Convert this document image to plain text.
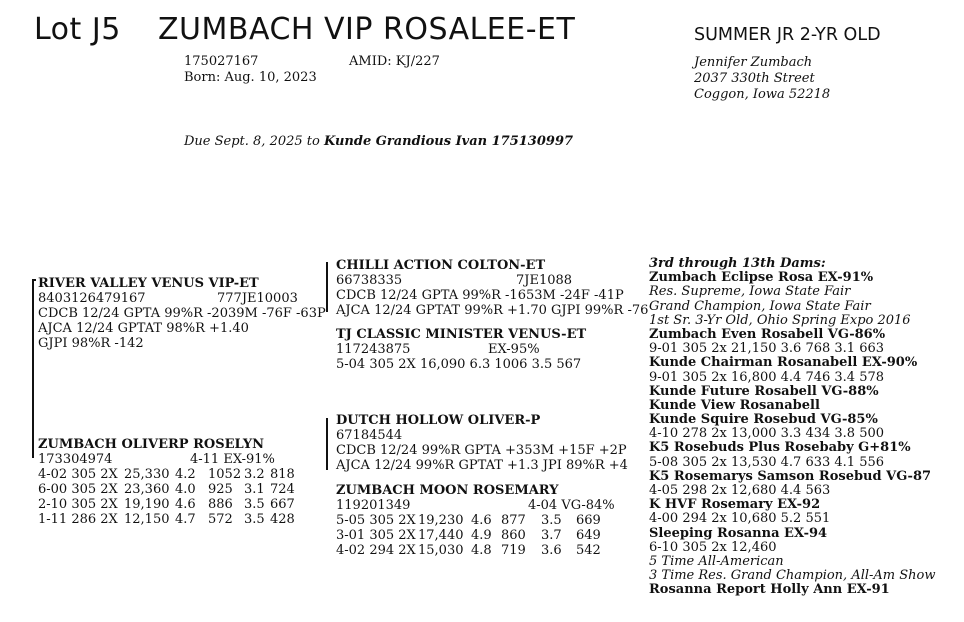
Lot J5 ZUMBACH VIP ROSALEE-ET	SUMMER JR 2-YR OLD
175027167	AMID: KJ/227
Born: Aug. 10, 2023
Jennifer Zumbach
2037 330th Street
Coggon, Iowa 52218
Due Sept. 8, 2025 to Kunde Grandious Ivan 175130997
RIVER VALLEY VENUS VIP-ET
8403126479167	777JE10003
CDCB 12/24 GPTA 99%R -2039M -76F -63P
AJCA 12/24 GPTAT 98%R +1.40
GJPI 98%R -142
CHILLI ACTION COLTON-ET
66738335	7JE1088
CDCB 12/24 GPTA 99%R -1653M -24F -41P
AJCA 12/24 GPTAT 99%R +1.70 GJPI 99%R -76
TJ CLASSIC MINISTER VENUS-ET
117243875	EX-95%
5-04 305 2X 16,090 6.3 1006 3.5 567
ZUMBACH OLIVERP ROSELYN
173304974	4-11 EX-91%
4-02 305 2X 25,330 4.2 1052 3.2 818
6-00 305 2X 23,360 4.0 925 3.1 724
2-10 305 2X 19,190 4.6 886 3.5 667
1-11 286 2X 12,150 4.7 572 3.5 428
DUTCH HOLLOW OLIVER-P
67184544
CDCB 12/24 99%R GPTA +353M +15F +2P
AJCA 12/24 99%R GPTAT +1.3 JPI 89%R +4
ZUMBACH MOON ROSEMARY
119201349	4-04 VG-84%
5-05 305 2X 19,230 4.6 877 3.5 669
3-01 305 2X 17,440 4.9 860 3.7 649
4-02 294 2X 15,030 4.8 719 3.6 542
3rd through 13th Dams:
Zumbach Eclipse Rosa EX-91%
Res. Supreme, Iowa State Fair
Grand Champion, Iowa State Fair
1st Sr. 3-Yr Old, Ohio Spring Expo 2016
Zumbach Even Rosabell VG-86%
9-01 305 2x 21,150 3.6 768 3.1 663
Kunde Chairman Rosanabell EX-90%
9-01 305 2x 16,800 4.4 746 3.4 578
Kunde Future Rosabell VG-88%
Kunde View Rosanabell
Kunde Squire Rosebud VG-85%
4-10 278 2x 13,000 3.3 434 3.8 500
K5 Rosebuds Plus Rosebaby G+81%
5-08 305 2x 13,530 4.7 633 4.1 556
K5 Rosemarys Samson Rosebud VG-87
4-05 298 2x 12,680 4.4 563
K HVF Rosemary EX-92
4-00 294 2x 10,680 5.2 551
Sleeping Rosanna EX-94
6-10 305 2x 12,460
5 Time All-American
3 Time Res. Grand Champion, All-Am Show
Rosanna Report Holly Ann EX-91
